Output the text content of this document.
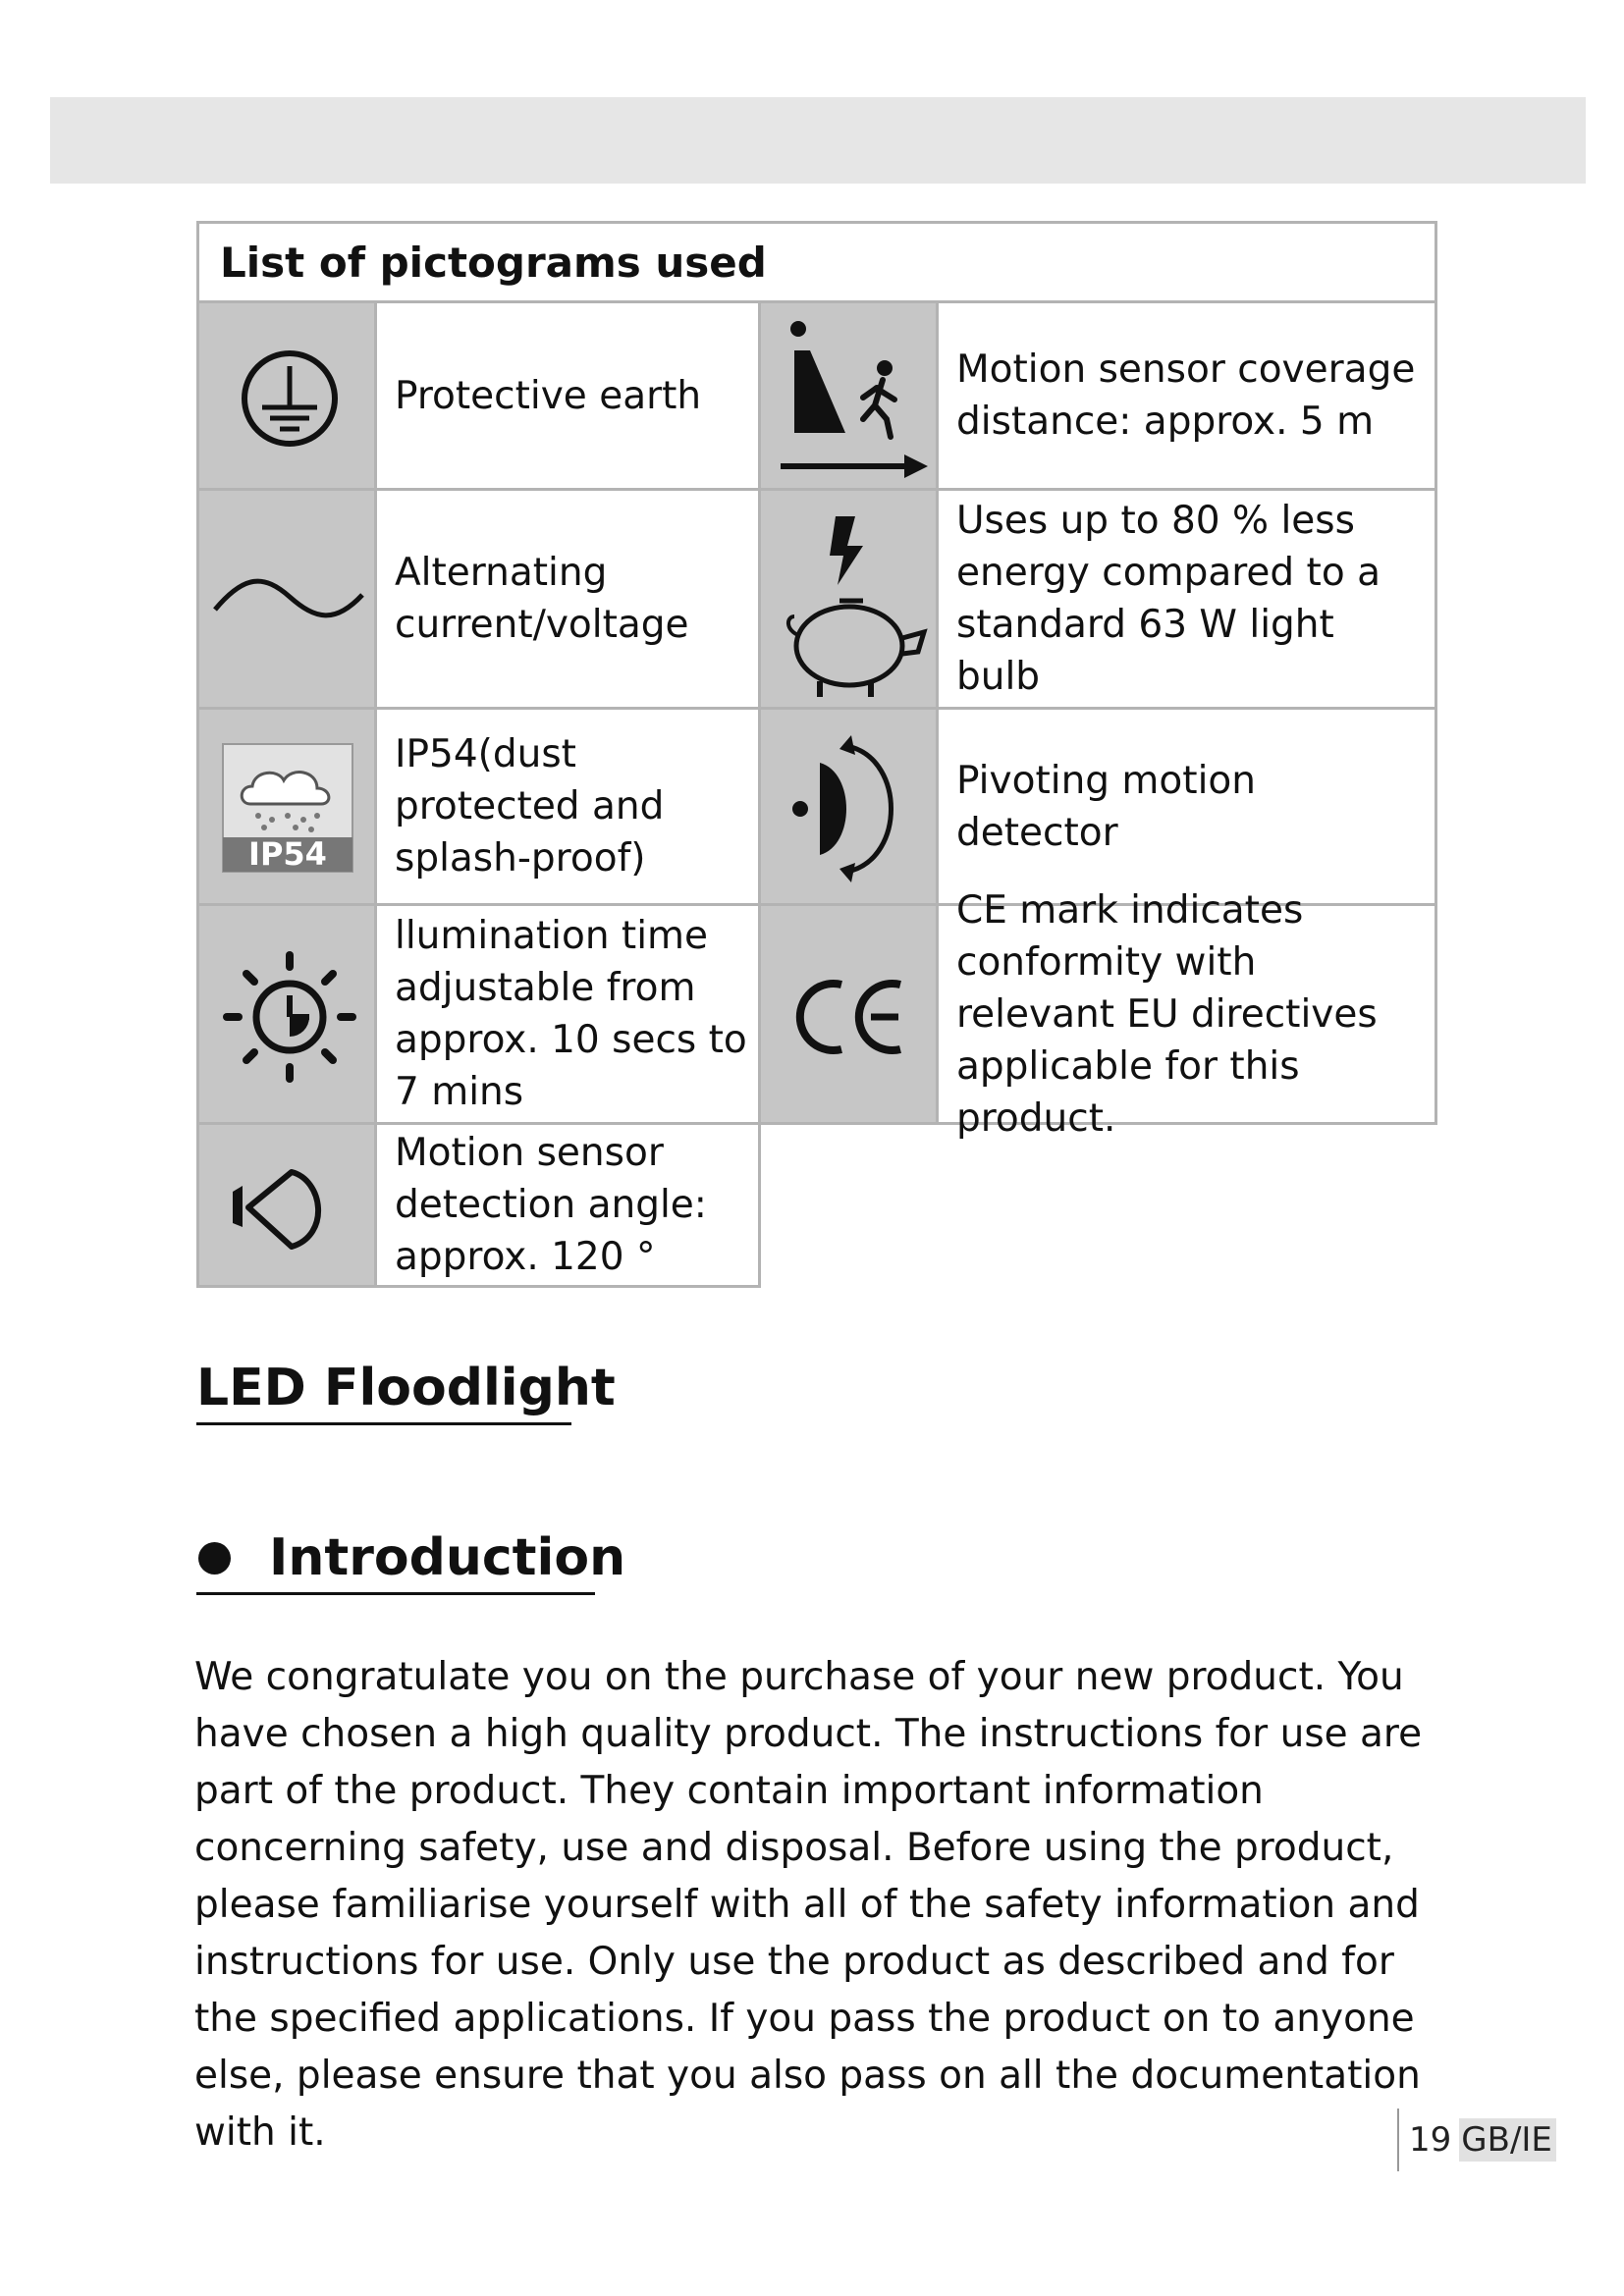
List of pictograms used
Protective earth
Motion sensor coverage distance: approx. 5 m
Alternating current/voltage
Uses up to 80 % less energy compared to a standard 63 W light bulb
IP54
IP54(dust protected and splash-proof)
Pivoting motion detector
llumination time adjustable from approx. 10 secs to 7 mins
CE mark indicates conformity with relevant EU directives applicable for this product.
Motion sensor detection angle: approx. 120 °
LED Floodlight
Introduction

We congratulate you on the purchase of your new product. You have chosen a high quality product. The instructions for use are part of the product. They contain important information concerning safety, use and disposal. Before using the product, please familiarise yourself with all of the safety information and instructions for use. Only use the product as described and for the specified applications. If you pass the product on to anyone else, please ensure that you also pass on all the documentation with it.	19 GB/IE
